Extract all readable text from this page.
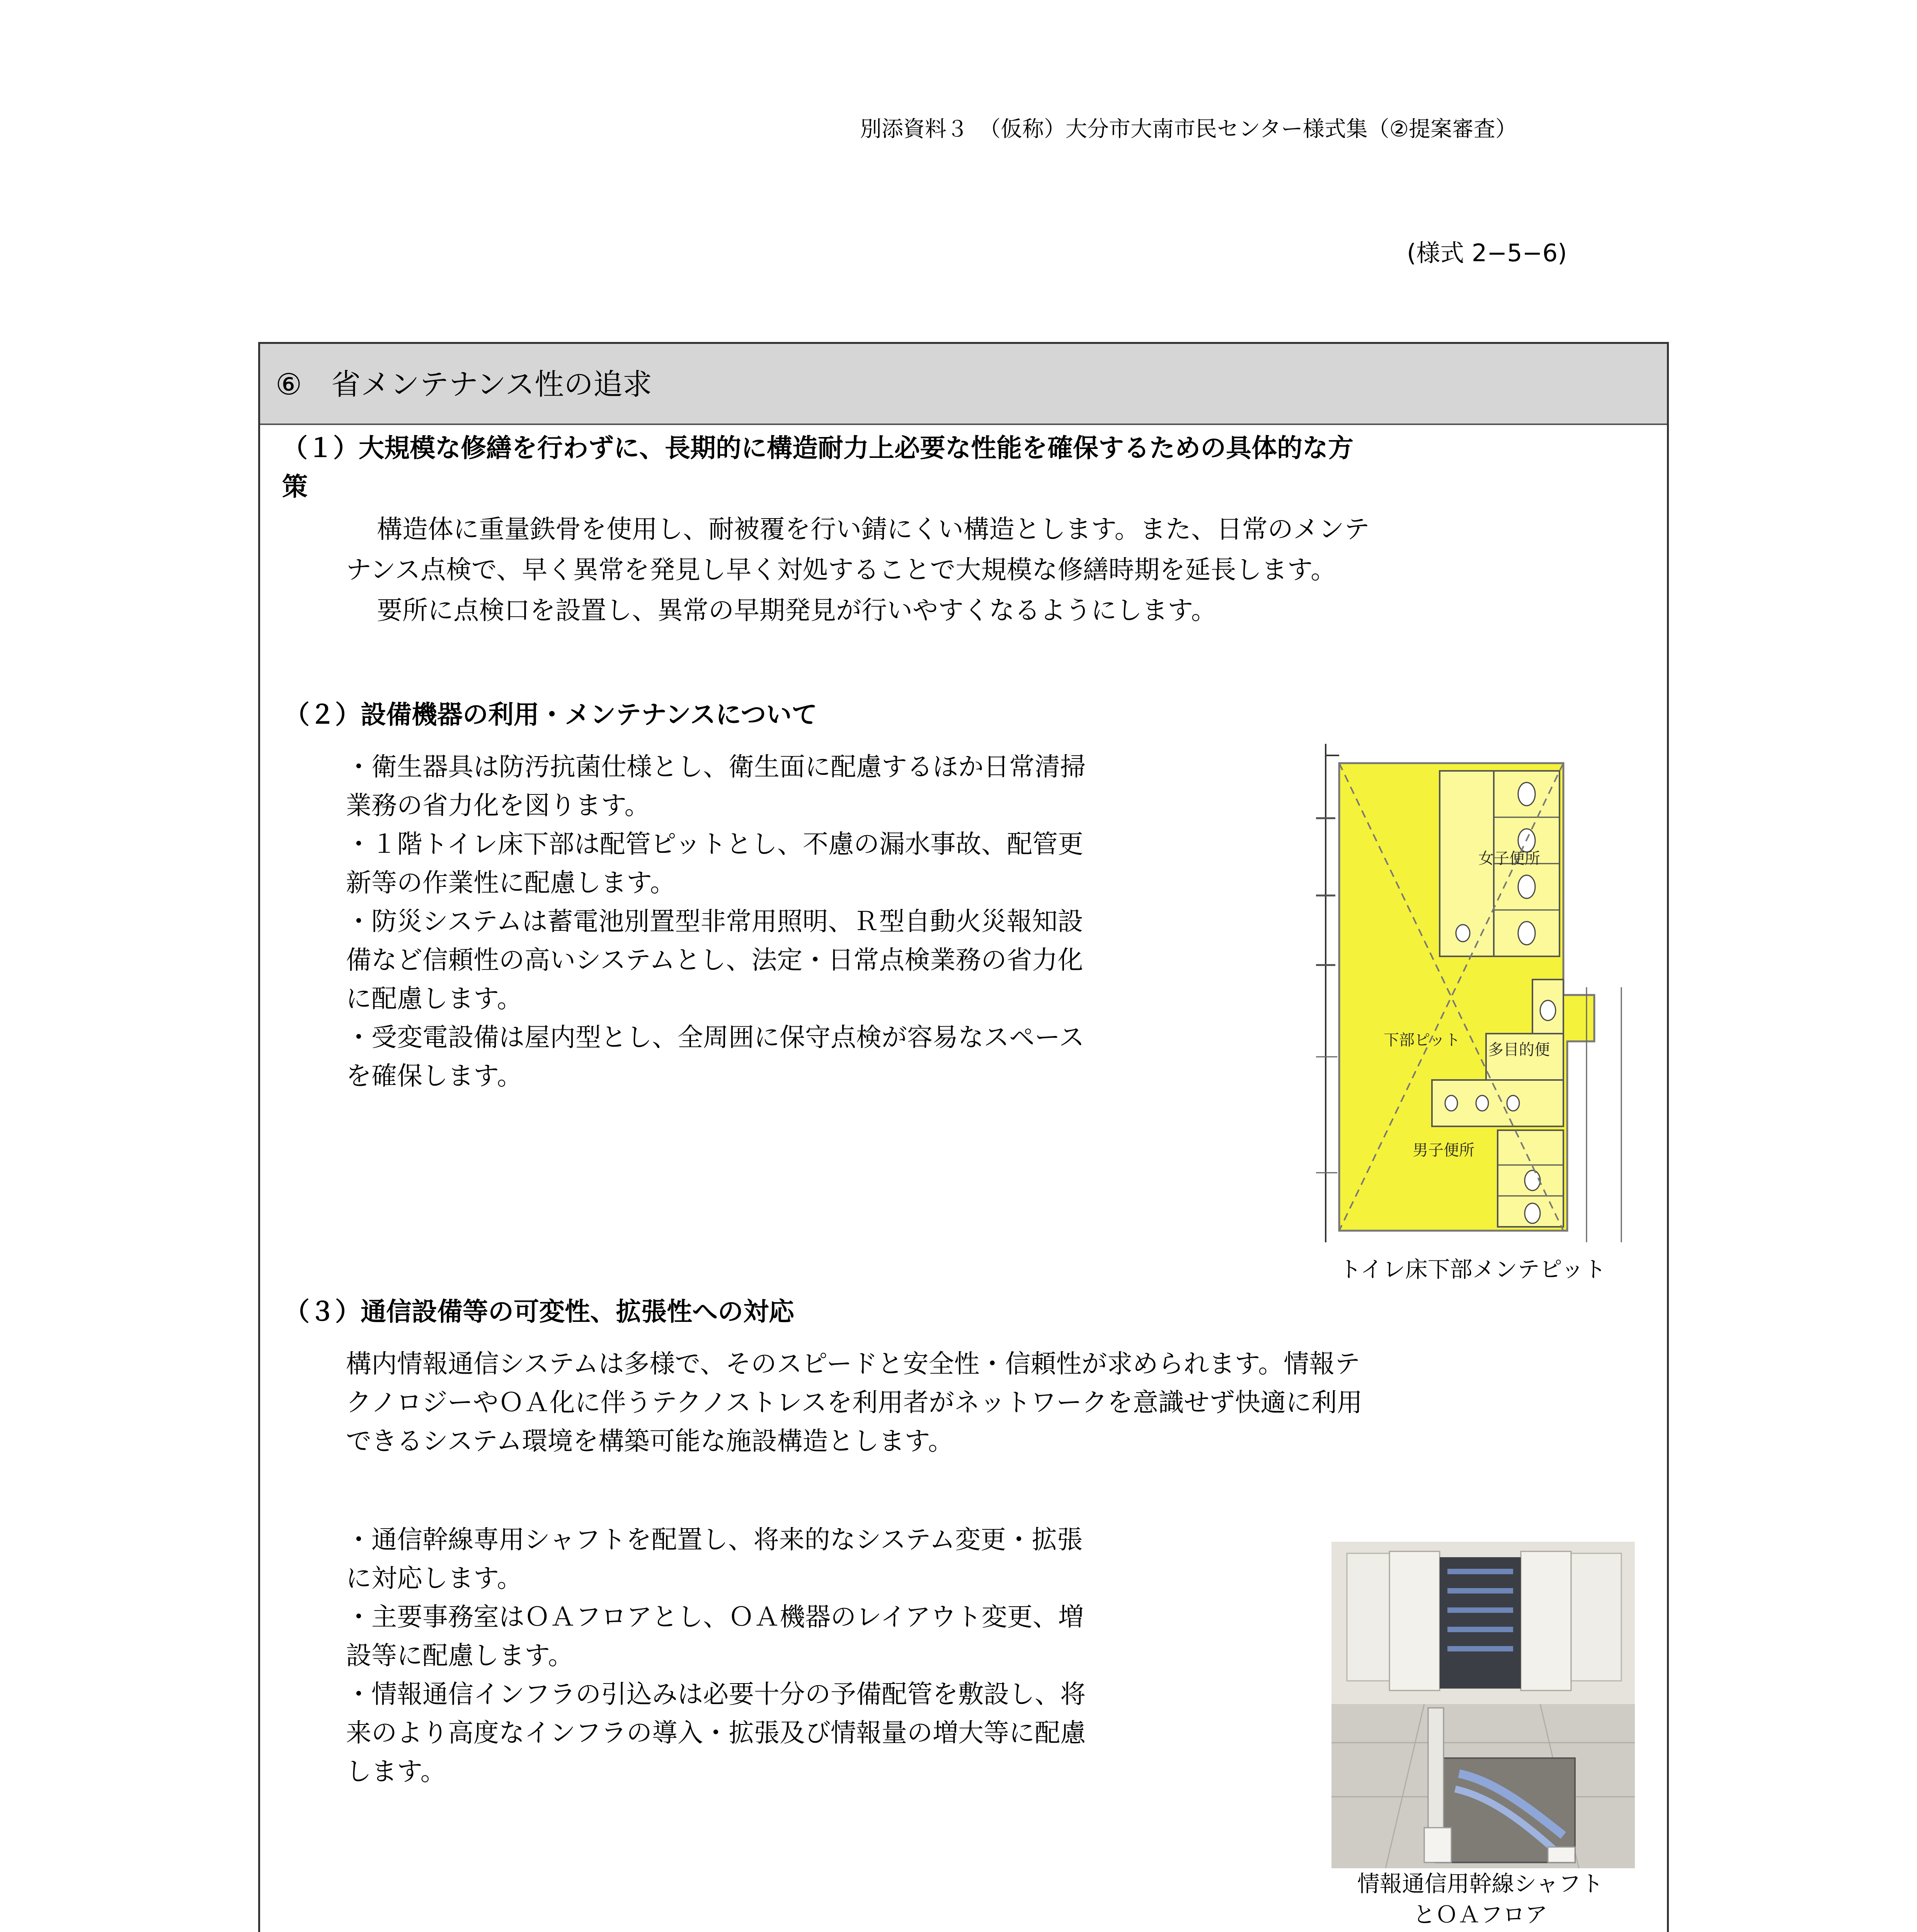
別添資料３　（仮称）大分市大南市民センター様式集（②提案審査）
(様式 2−5−6)
⑥　省メンテナンス性の追求
（１）大規模な修繕を行わずに、長期的に構造耐力上必要な性能を確保するための具体的な方
策
構造体に重量鉄骨を使用し、耐被覆を行い錆にくい構造とします。また、日常のメンテ
ナンス点検で、早く異常を発見し早く対処することで大規模な修繕時期を延長します。
要所に点検口を設置し、異常の早期発見が行いやすくなるようにします。
（２）設備機器の利用・メンテナンスについて
・衛生器具は防汚抗菌仕様とし、衛生面に配慮するほか日常清掃
業務の省力化を図ります。
・１階トイレ床下部は配管ピットとし、不慮の漏水事故、配管更
新等の作業性に配慮します。
・防災システムは蓄電池別置型非常用照明、Ｒ型自動火災報知設
備など信頼性の高いシステムとし、法定・日常点検業務の省力化
に配慮します。
・受変電設備は屋内型とし、全周囲に保守点検が容易なスペース
を確保します。
女子便所
下部ピット
多目的便
男子便所
トイレ床下部メンテピット
（３）通信設備等の可変性、拡張性への対応
構内情報通信システムは多様で、そのスピードと安全性・信頼性が求められます。情報テ
クノロジーやＯＡ化に伴うテクノストレスを利用者がネットワークを意識せず快適に利用
できるシステム環境を構築可能な施設構造とします。
・通信幹線専用シャフトを配置し、将来的なシステム変更・拡張
に対応します。
・主要事務室はＯＡフロアとし、ＯＡ機器のレイアウト変更、増
設等に配慮します。
・情報通信インフラの引込みは必要十分の予備配管を敷設し、将
来のより高度なインフラの導入・拡張及び情報量の増大等に配慮
します。
情報通信用幹線シャフト
とＯＡフロア
